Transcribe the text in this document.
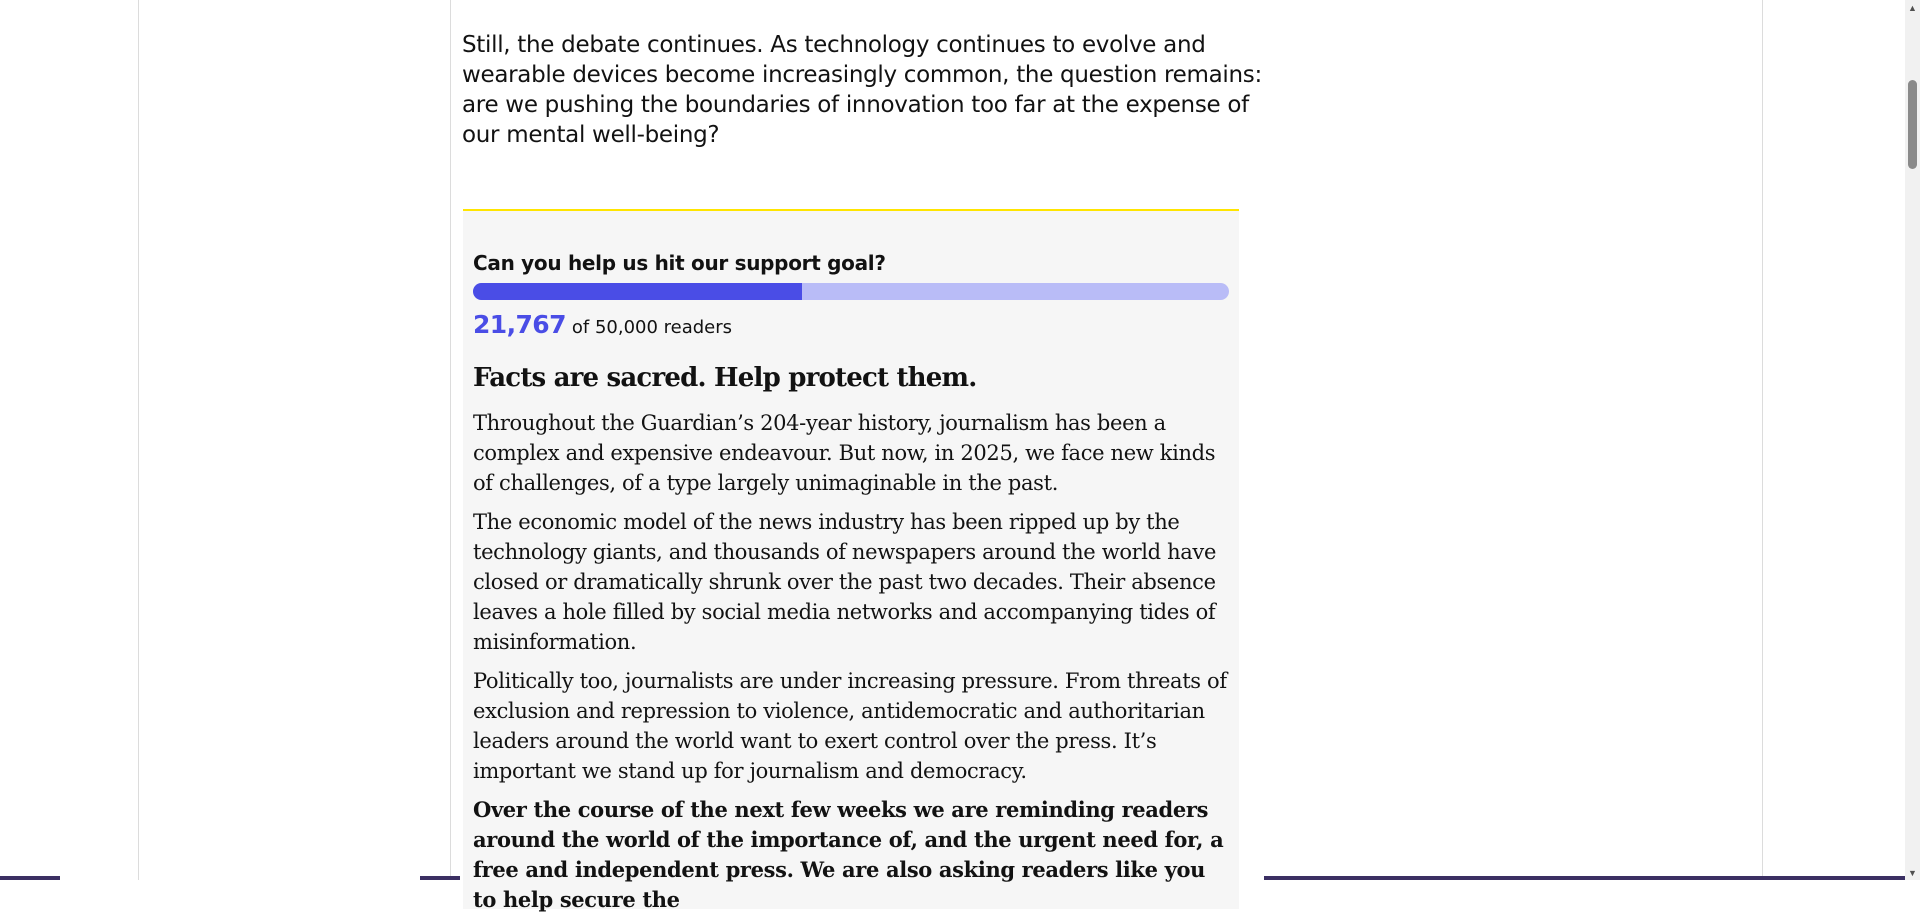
Still, the debate continues. As technology continues to evolve and wearable devices become increasingly common, the question remains: are we pushing the boundaries of innovation too far at the expense of our mental well-being?

Can you help us hit our support goal?
21,767 of 50,000 readers
Facts are sacred. Help protect them.

Throughout the Guardian’s 204-year history, journalism has been a complex and expensive endeavour. But now, in 2025, we face new kinds of challenges, of a type largely unimaginable in the past.

The economic model of the news industry has been ripped up by the technology giants, and thousands of newspapers around the world have closed or dramatically shrunk over the past two decades. Their absence leaves a hole filled by social media networks and accompanying tides of misinformation.

Politically too, journalists are under increasing pressure. From threats of exclusion and repression to violence, antidemocratic and authoritarian leaders around the world want to exert control over the press. It’s important we stand up for journalism and democracy.

Over the course of the next few weeks we are reminding readers around the world of the importance of, and the urgent need for, a free and independent press. We are also asking readers like you to help secure the

▲
▼
